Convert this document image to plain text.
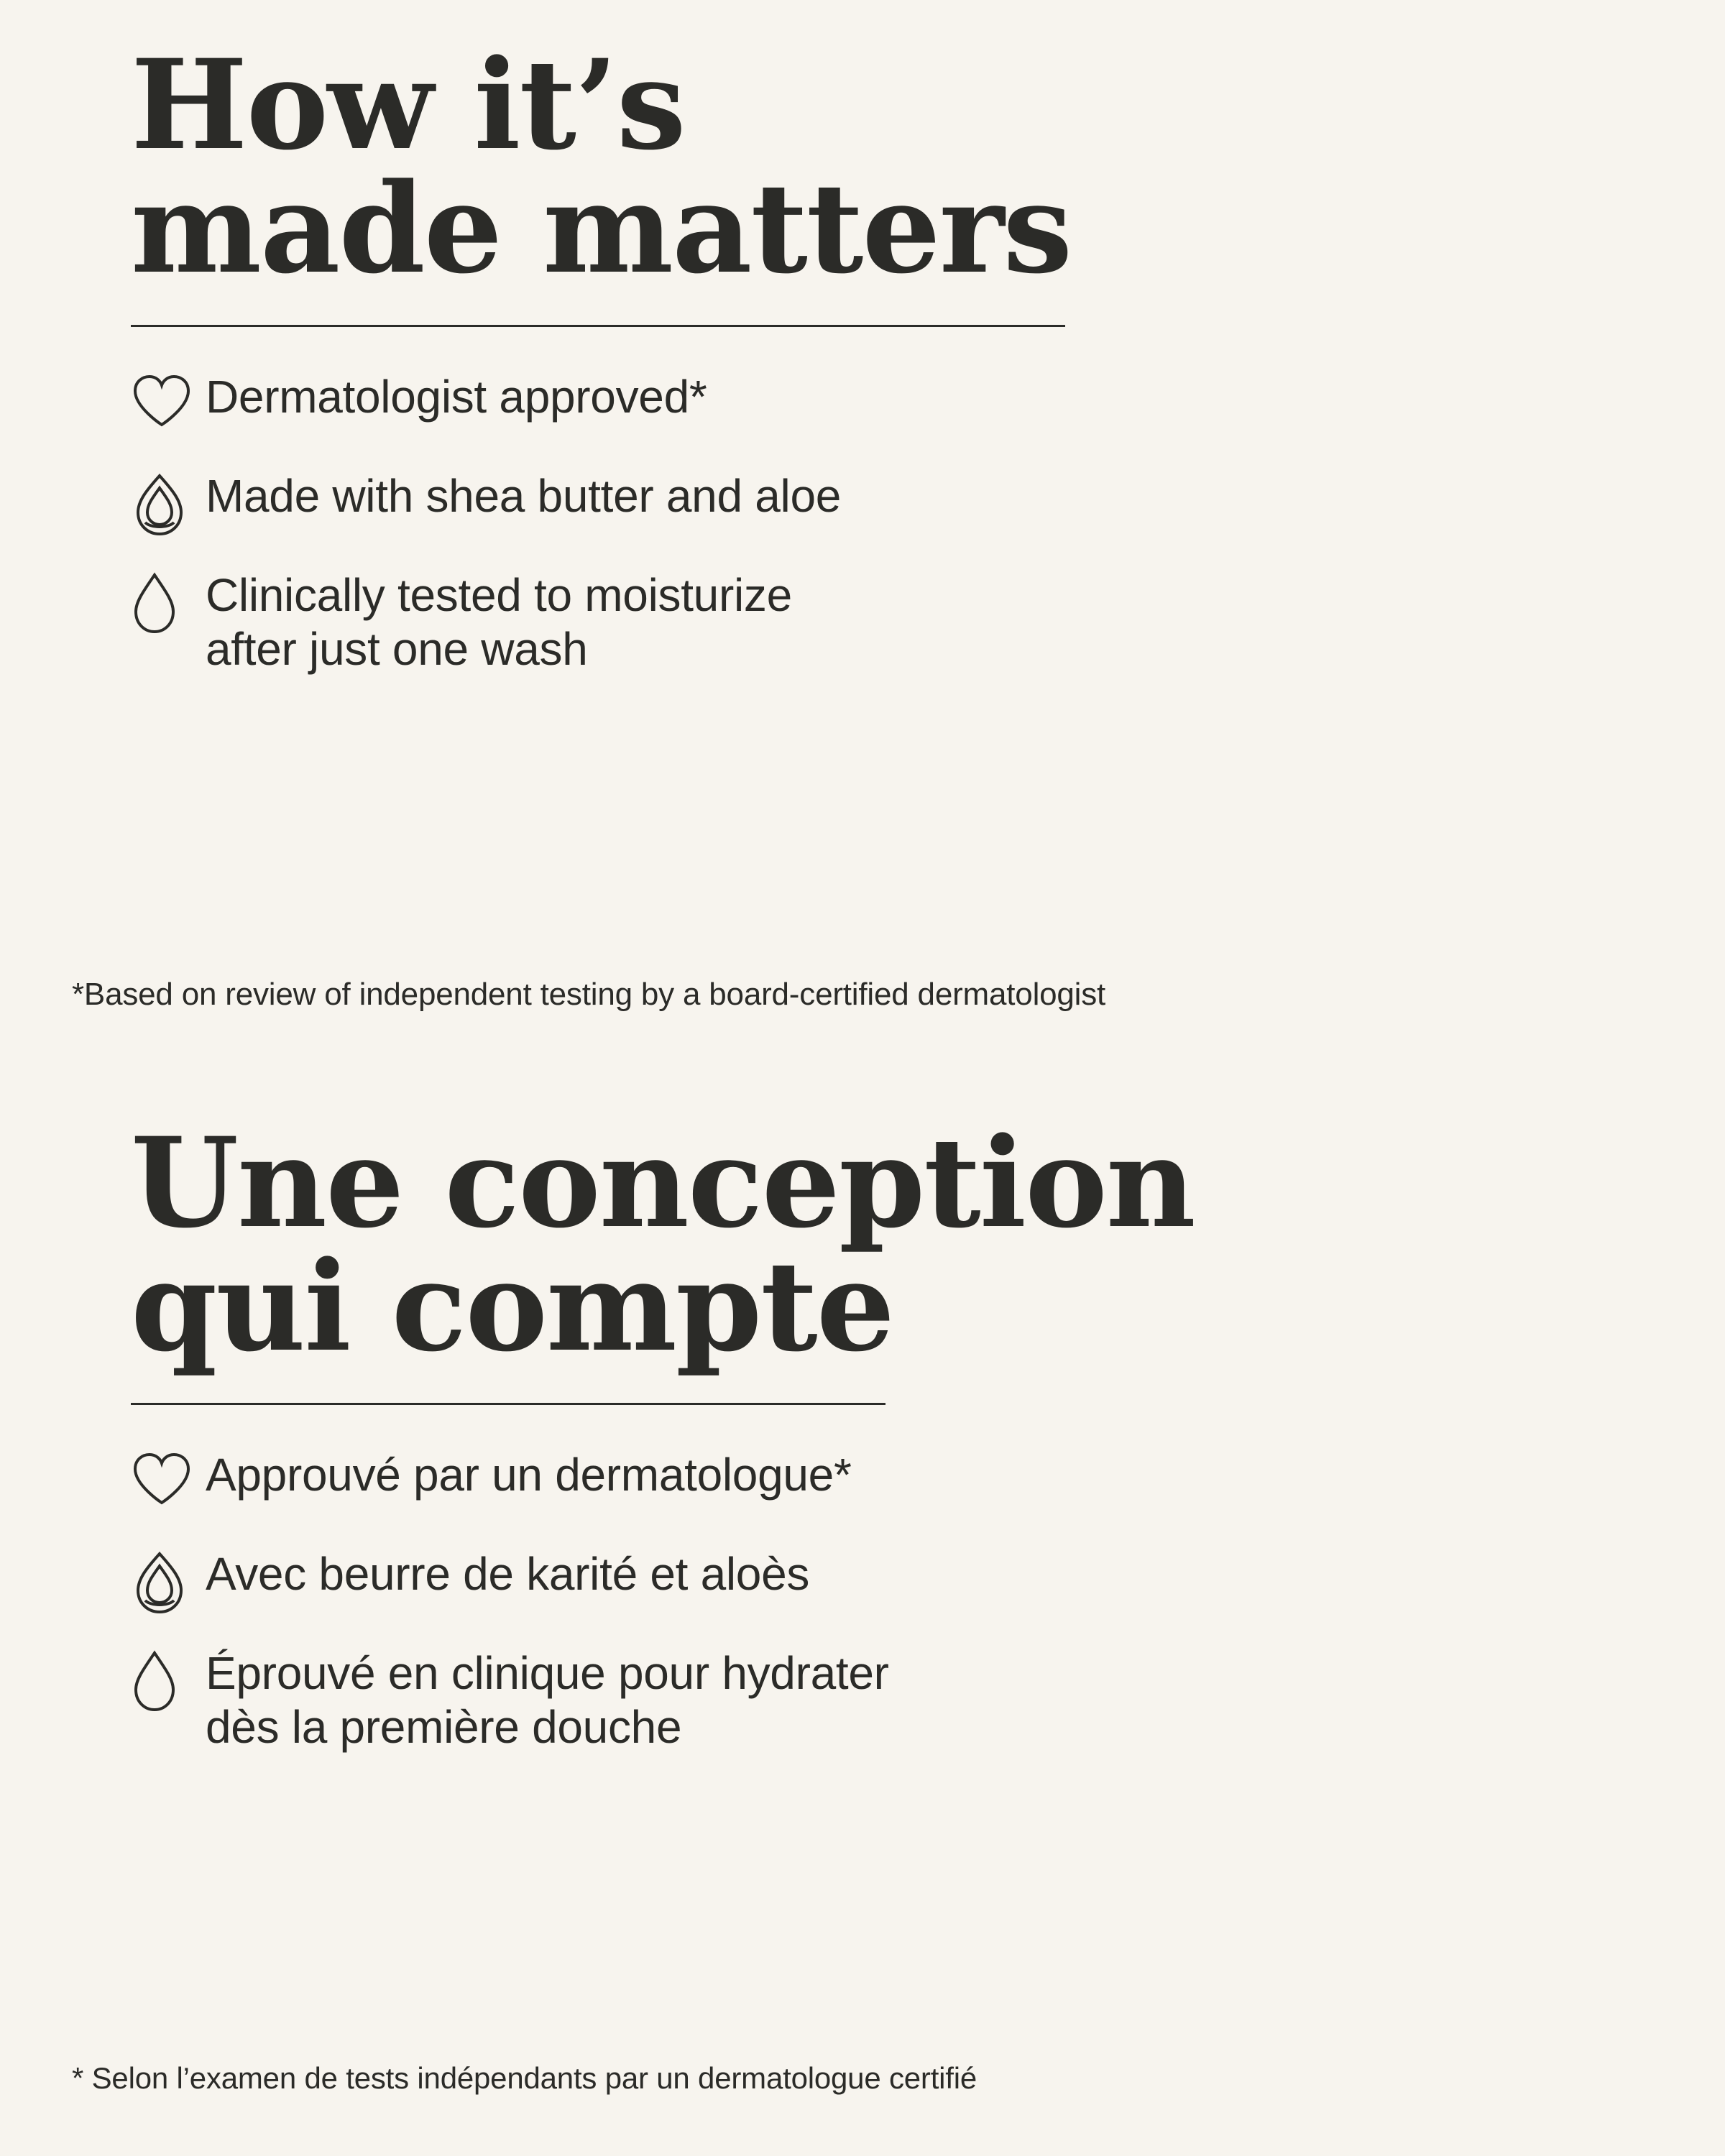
How it’s
made matters
Dermatologist approved*
Made with shea butter and aloe
Clinically tested to moisturize
after just one wash
*Based on review of independent testing by a board-certified dermatologist
Une conception
qui compte
Approuvé par un dermatologue*
Avec beurre de karité et aloès
Éprouvé en clinique pour hydrater
dès la première douche
* Selon l’examen de tests indépendants par un dermatologue certifié
